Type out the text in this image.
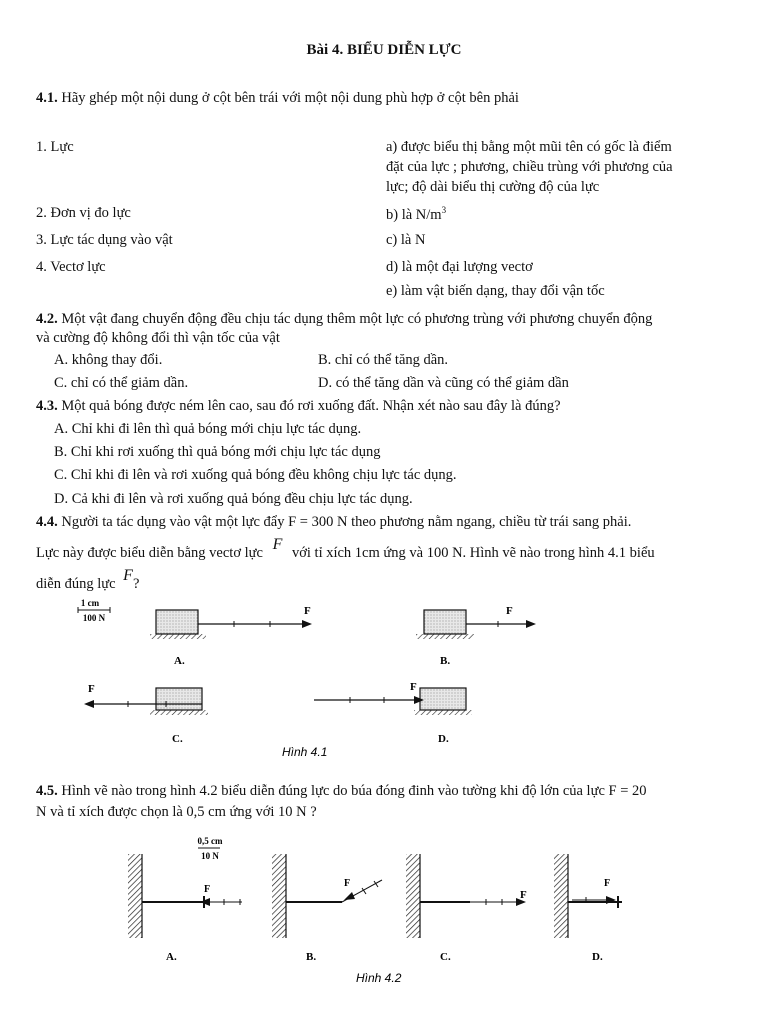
Bài 4. BIỂU DIỄN LỰC
4.1. Hãy ghép một nội dung ở cột bên trái với một nội dung phù hợp ở cột bên phải
1. Lực
2. Đơn vị đo lực
3. Lực tác dụng vào vật
4. Vectơ lực
a) được biểu thị bằng một mũi tên có gốc là điểm
đặt của lực ; phương, chiều trùng với phương của
lực; độ dài biểu thị cường độ của lực
b) là $N/m^3$
c) là N
d) là một đại lượng vectơ
e) làm vật biến dạng, thay đổi vận tốc
4.2. Một vật đang chuyển động đều chịu tác dụng thêm một lực có phương trùng với phương chuyển động
và cường độ không đổi thì vận tốc của vật
A. không thay đổi.	B. chỉ có thể tăng dần.
C. chỉ có thể giảm dần.	D. có thể tăng dần và cũng có thể giảm dần
4.3. Một quả bóng được ném lên cao, sau đó rơi xuống đất. Nhận xét nào sau đây là đúng?
A. Chỉ khi đi lên thì quả bóng mới chịu lực tác dụng.
B. Chỉ khi rơi xuống thì quả bóng mới chịu lực tác dụng
C. Chỉ khi đi lên và rơi xuống quả bóng đều không chịu lực tác dụng.
D. Cả khi đi lên và rơi xuống quả bóng đều chịu lực tác dụng.
4.4. Người ta tác dụng vào vật một lực đẩy F = 300 N theo phương nằm ngang, chiều từ trái sang phải.
Lực này được biểu diễn bằng vectơ lực F với tỉ xích 1cm ứng và 100 N. Hình vẽ nào trong hình 4.1 biểu
diễn đúng lực F?
1 cm
100 N
F
A.
F
B.
F
C.
F
D.
Hình 4.1
4.5. Hình vẽ nào trong hình 4.2 biểu diễn đúng lực do búa đóng đinh vào tường khi độ lớn của lực F = 20
N và tỉ xích được chọn là 0,5 cm ứng với 10 N ?
0,5 cm
10 N
F
A.
F
B.
F
C.
F
D.
Hình 4.2
